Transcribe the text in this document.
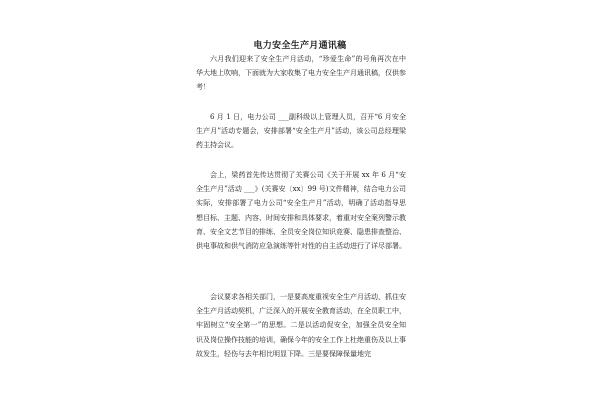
电力安全生产月通讯稿

六月我们迎来了安全生产月活动，“珍爱生命”的号角再次在中华大地上吹响，下面就为大家收集了电力安全生产月通讯稿，仅供参考！

6 月 1 日，电力公司 ___副科级以上管理人员，召开“6 月安全生产月”活动专题会，安排部署“安全生产月”活动，该公司总经理梁药主持会议。

会上，梁药首先传达贯彻了关赛公司《关于开展 xx 年 6 月“安全生产月”活动 ___》(关赛安〔xx〕99 号)文件精神，结合电力公司实际，安排部署了电力公司“安全生产月”活动，明确了活动指导思想目标、主题、内容、时间安排和具体要求，着重对安全案列警示教育、安全文艺节目的排练、全员安全岗位知识竞赛、隐患排查整治、供电事故和供气消防应急演练等针对性的自主活动进行了详尽部署。

会议要求各相关部门，一是要高度重视安全生产月活动，抓住安全生产月活动契机，广泛深入的开展安全教育活动，在全员职工中，牢固树立“安全第一”的思想。二是以活动促安全，加强全员安全知识及岗位操作技能的培训，确保今年的安全工作上杜绝重伤及以上事故发生，轻伤与去年相比明显下降。三是要保障保量地完
